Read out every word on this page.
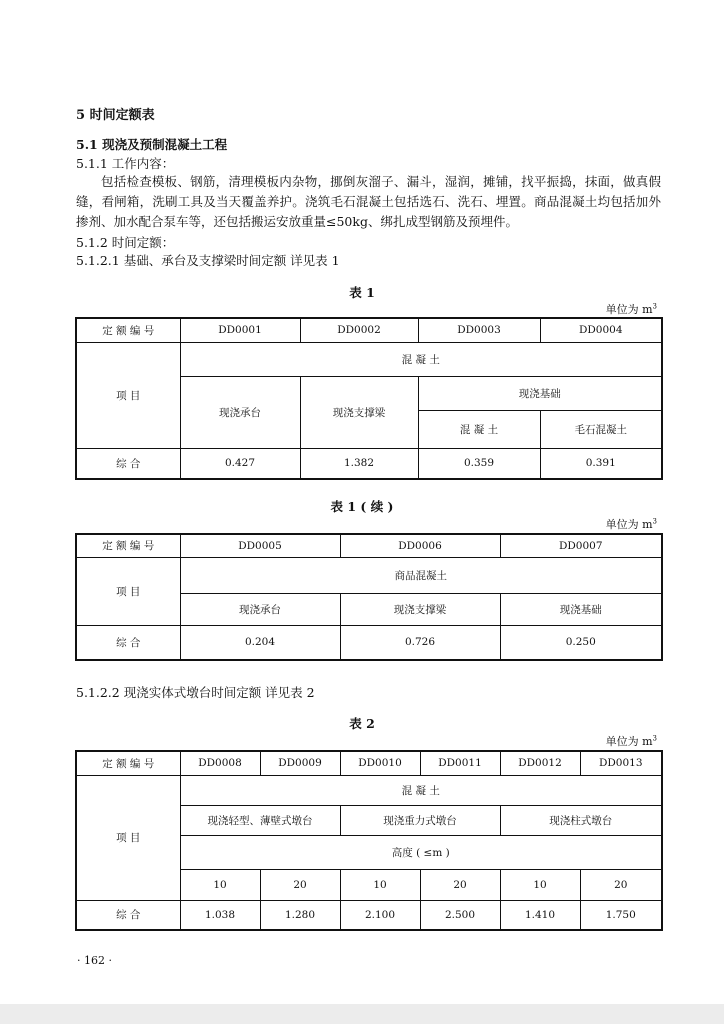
5 时间定额表
5.1 现浇及预制混凝土工程
5.1.1 工作内容：
包括检查模板、钢筋，清理模板内杂物，挪倒灰溜子、漏斗，湿润，摊铺，找平振捣，抹面，做真假缝，看闸箱，洗刷工具及当天覆盖养护。浇筑毛石混凝土包括选石、洗石、埋置。商品混凝土均包括加外掺剂、加水配合泵车等，还包括搬运安放重量≤50kg、绑扎成型钢筋及预埋件。
5.1.2 时间定额：
5.1.2.1 基础、承台及支撑梁时间定额 详见表 1
表 1
单位为 $m^3$
定 额 编 号	DD0001	DD0002	DD0003	DD0004
项 目	混 凝 土			
	现浇承台	现浇支撑梁	现浇基础	
			混 凝 土	毛石混凝土
综 合	0.427	1.382	0.359	0.391
表 1 ( 续 )
单位为 $m^3$
定 额 编 号	DD0005	DD0006	DD0007
项 目	商品混凝土		
	现浇承台	现浇支撑梁	现浇基础
综 合	0.204	0.726	0.250
5.1.2.2 现浇实体式墩台时间定额 详见表 2
表 2
单位为 $m^3$
定 额 编 号	DD0008	DD0009	DD0010	DD0011	DD0012	DD0013
项 目	混 凝 土					
	现浇轻型、薄壁式墩台		现浇重力式墩台		现浇柱式墩台	
	高度 ( ≤m )					
	10	20	10	20	10	20
综 合	1.038	1.280	2.100	2.500	1.410	1.750
· 162 ·
